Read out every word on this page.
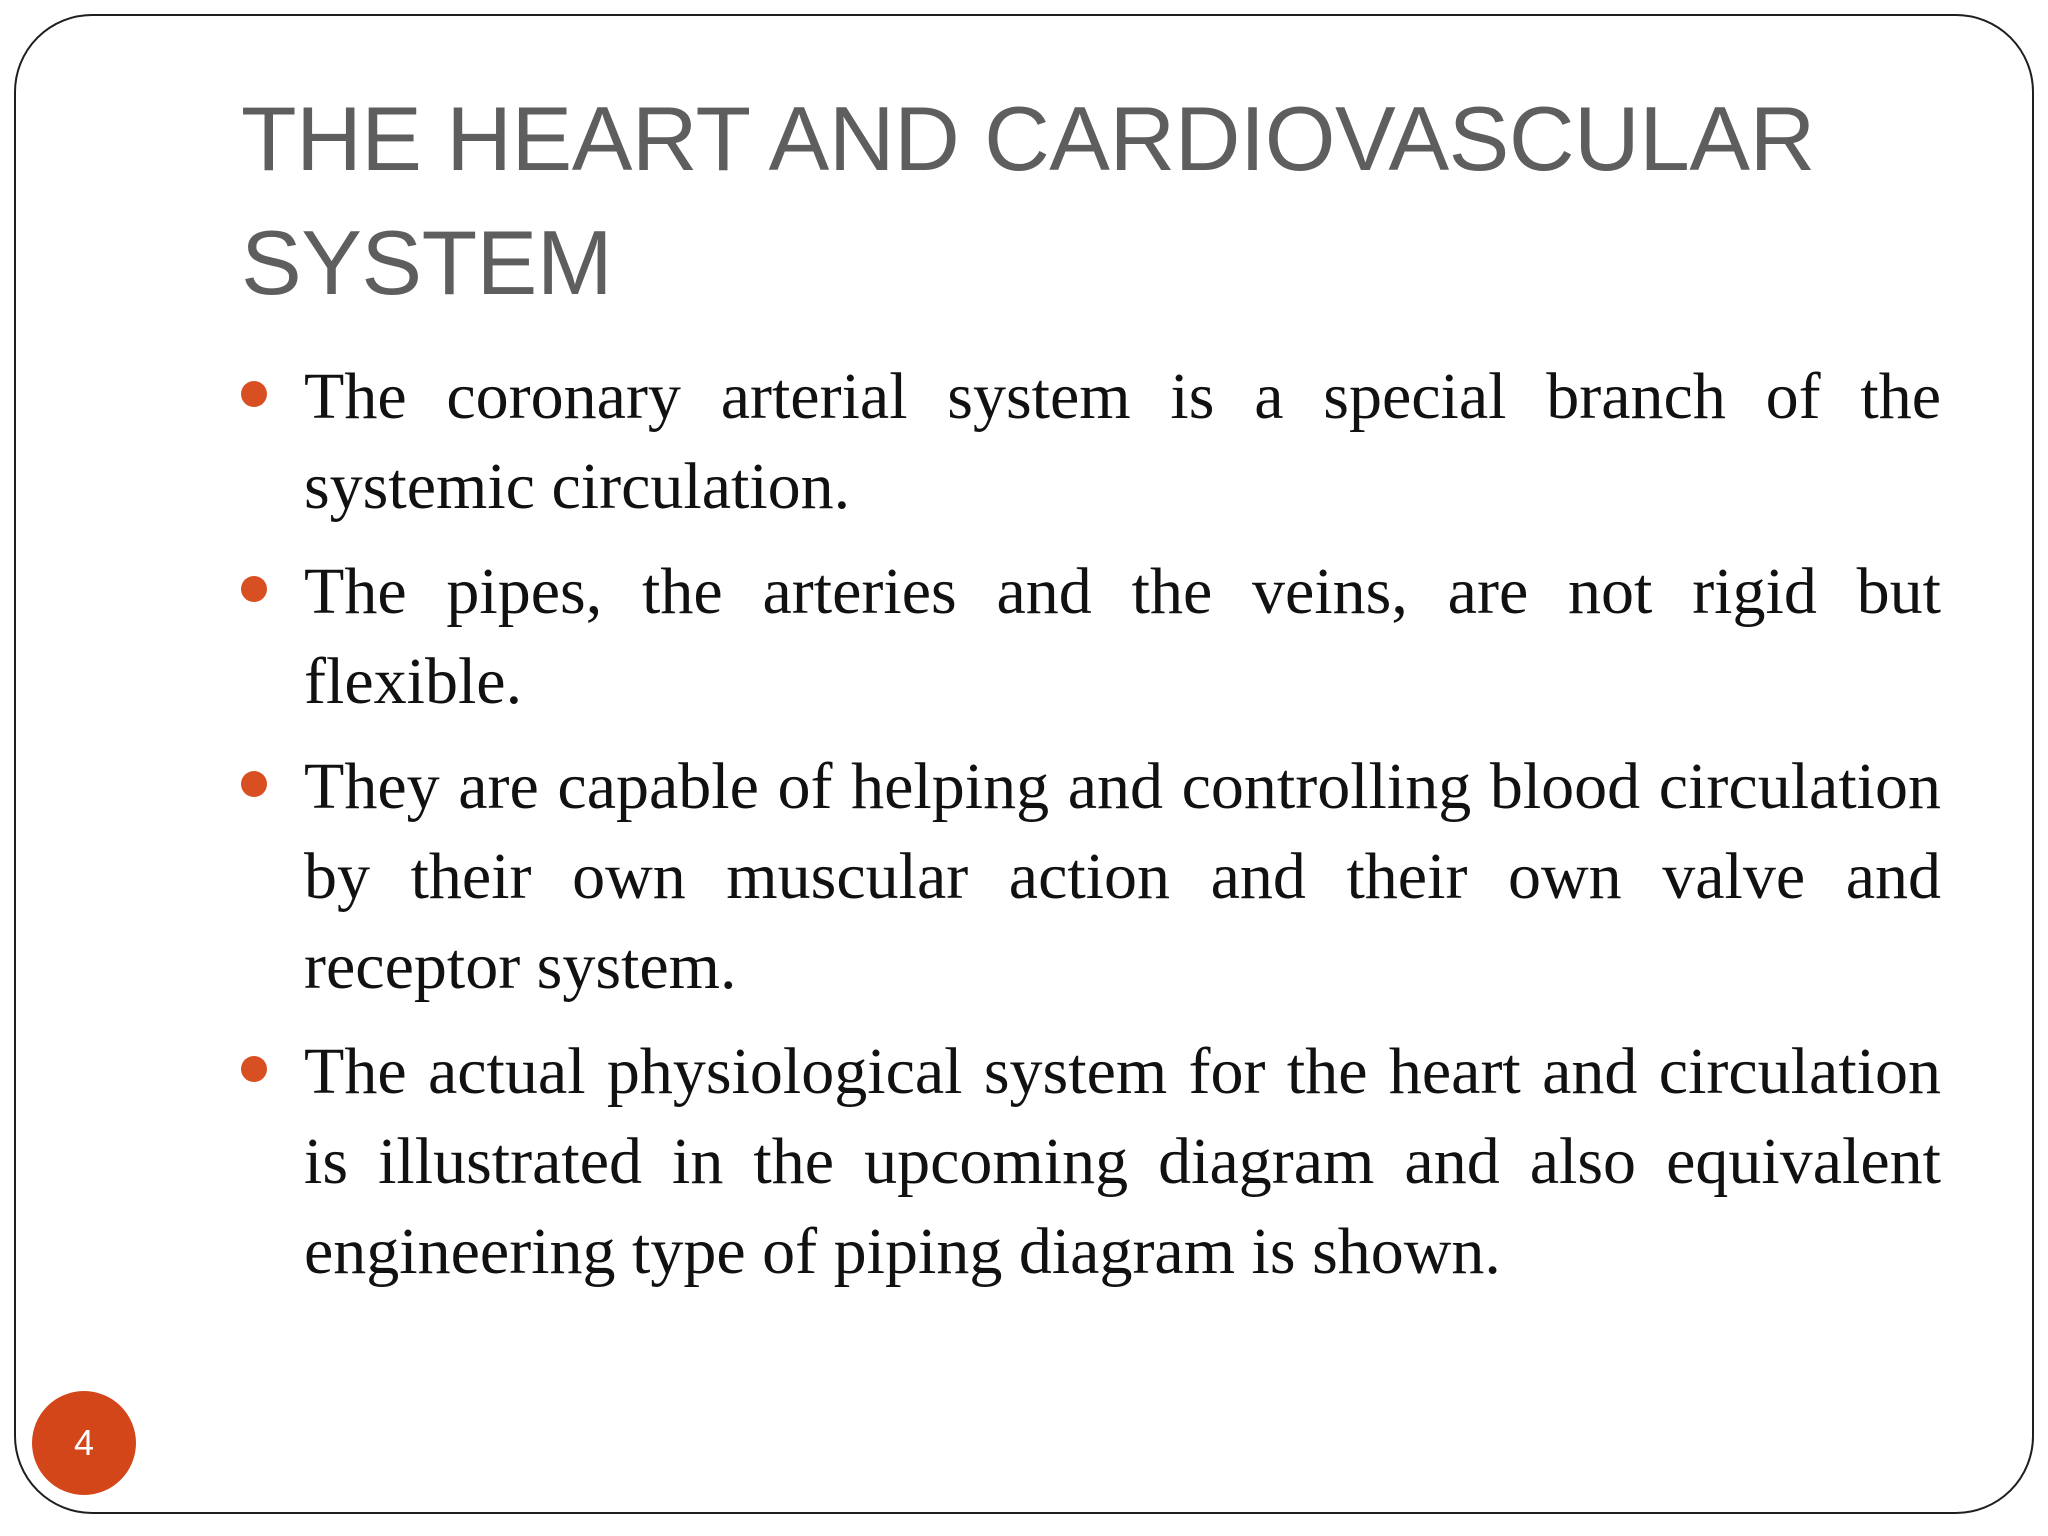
THE HEART AND CARDIOVASCULAR SYSTEM
The coronary arterial system is a special branch of the systemic circulation.
The pipes, the arteries and the veins, are not rigid but flexible.
They are capable of helping and controlling blood circulation by their own muscular action and their own valve and receptor system.
The actual physiological system for the heart and circulation is illustrated in the upcoming diagram and also equivalent engineering type of piping diagram is shown.
4
